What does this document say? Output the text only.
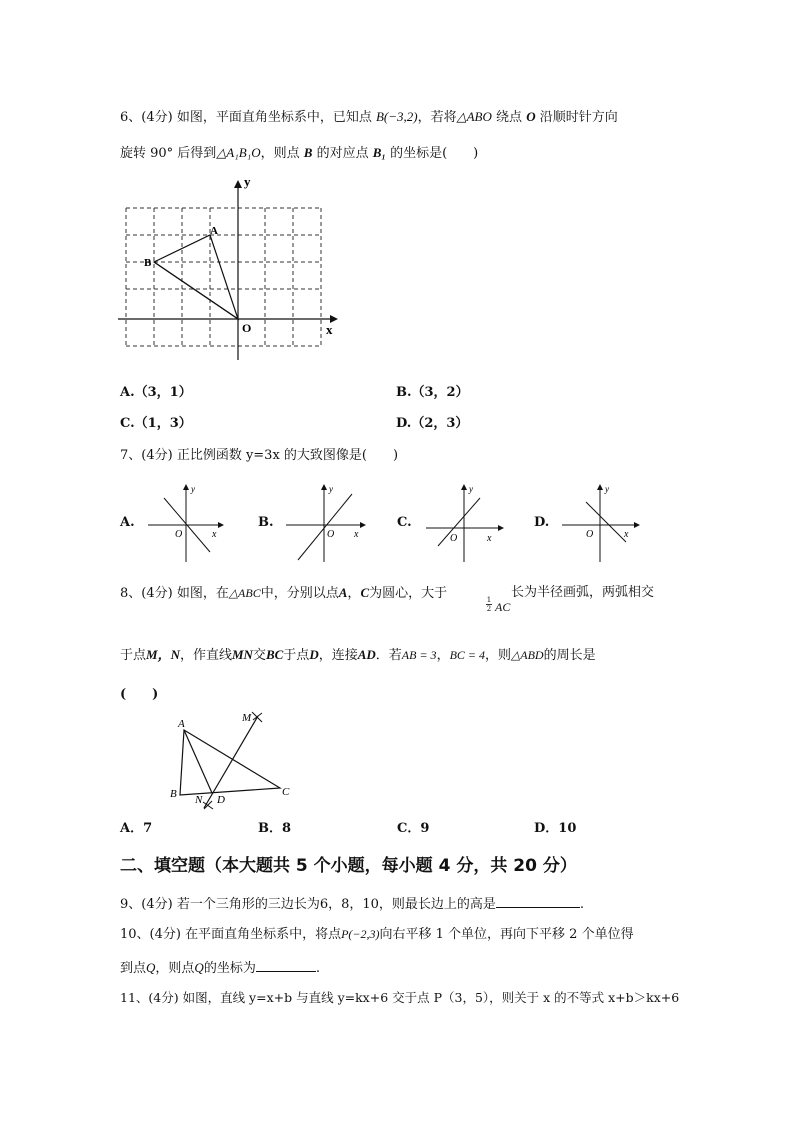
6、(4分) 如图，平面直角坐标系中，已知点 B(−3,2)，若将△ABO 绕点 O 沿顺时针方向
旋转 90° 后得到△A₁B₁O，则点 B 的对应点 B₁ 的坐标是(　　)
y
x
O
A
B
A.（3，1）	B.（3，2）
C.（1，3）	D.（2，3）
7、(4分) 正比例函数 y=3x 的大致图像是(　　)
A.
y
x
O
B.
y
x
O
C.
y
x
O
D.
y
x
O
8、(4分) 如图，在△ABC中，分别以点A，C为圆心，大于	1
2 AC
长为半径画弧，两弧相交
于点M，N，作直线MN交BC于点D，连接AD．若AB = 3，BC = 4，则△ABD的周长是
(　　)
A
B	C
D
M
N
A．7	B．8	C．9	D．10
二、填空题（本大题共 5 个小题，每小题 4 分，共 20 分）
9、(4分) 若一个三角形的三边长为6，8，10，则最长边上的高是	.
10、(4分) 在平面直角坐标系中，将点P(−2,3)向右平移 1 个单位，再向下平移 2 个单位得
到点Q，则点Q的坐标为	.
11、(4分) 如图，直线 y=x+b 与直线 y=kx+6 交于点 P（3，5），则关于 x 的不等式 x+b＞kx+6
